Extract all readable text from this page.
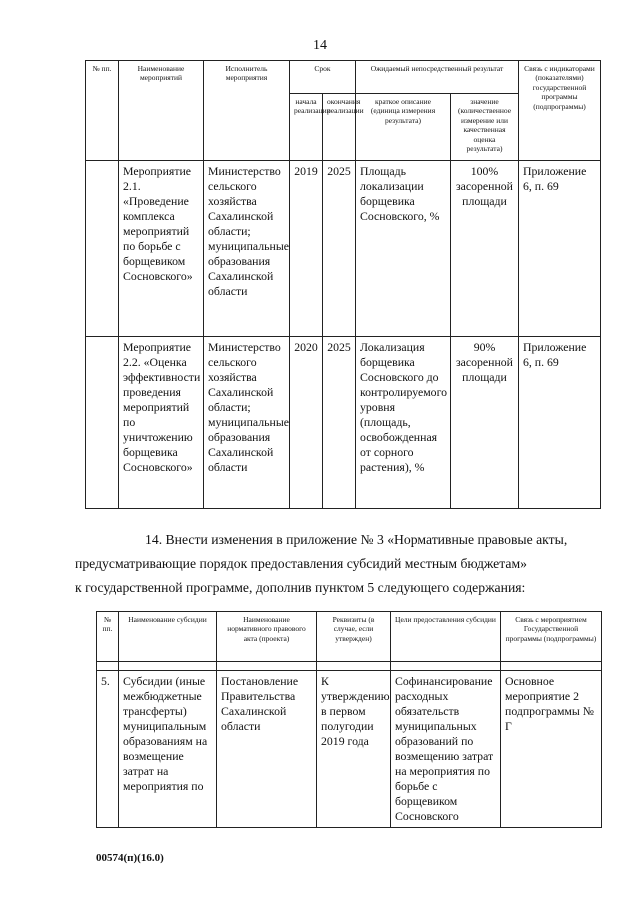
14
№ пп.	Наименование мероприятий	Исполнитель мероприятия	Срок		Ожидаемый непосредственный результат		Связь с индикаторами (показателями) государственной программы (подпрограммы)
			начала реализации	окончания реализации	краткое описание (единица измерения результата)	значение (количественное измерение или качественная оценка результата)	
	Мероприятие 2.1. «Проведение комплекса мероприятий по борьбе с борщевиком Сосновского»	Министерство сельского хозяйства Сахалинской области; муниципальные образования Сахалинской области	2019	2025	Площадь локализации борщевика Сосновского, %	100% засоренной площади	Приложение 6, п. 69
	Мероприятие 2.2. «Оценка эффективности проведения мероприятий по уничтожению борщевика Сосновского»	Министерство сельского хозяйства Сахалинской области; муниципальные образования Сахалинской области	2020	2025	Локализация борщевика Сосновского до контролируемого уровня (площадь, освобожденная от сорного растения), %	90% засоренной площади	Приложение 6, п. 69
14. Внести изменения в приложение № 3 «Нормативные правовые акты,
предусматривающие порядок предоставления субсидий местным бюджетам»
к государственной программе, дополнив пунктом 5 следующего содержания:
№ пп.	Наименование субсидии	Наименование нормативного правового акта (проекта)	Реквизиты (в случае, если утвержден)	Цели предоставления субсидии	Связь с мероприятием Государственной программы (подпрограммы)

5.	Субсидии (иные межбюджетные трансферты) муниципальным образованиям на возмещение затрат на мероприятия по	Постановление Правительства Сахалинской области	К утверждению в первом полугодии 2019 года	Софинансирование расходных обязательств муниципальных образований по возмещению затрат на мероприятия по борьбе с борщевиком Сосновского	Основное мероприятие 2 подпрограммы № Г
00574(п)(16.0)
